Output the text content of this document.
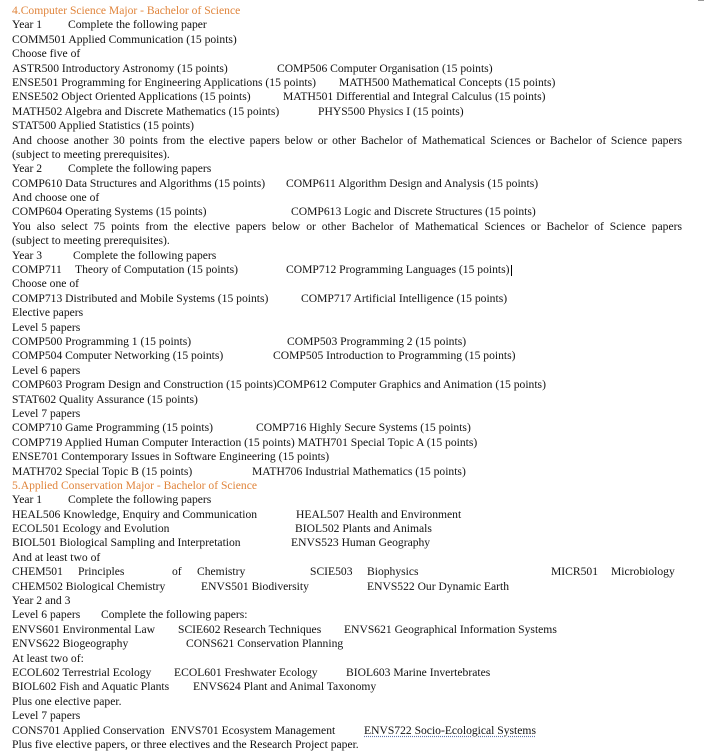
4.Computer Science Major - Bachelor of Science
Year 1 Complete the following paper
COMM501 Applied Communication (15 points)
Choose five of
ASTR500 Introductory Astronomy (15 points)	COMP506 Computer Organisation (15 points)
ENSE501 Programming for Engineering Applications (15 points) MATH500 Mathematical Concepts (15 points)
ENSE502 Object Oriented Applications (15 points)	MATH501 Differential and Integral Calculus (15 points)
MATH502 Algebra and Discrete Mathematics (15 points)	PHYS500 Physics I (15 points)
STAT500 Applied Statistics (15 points)
And choose another 30 points from the elective papers below or other Bachelor of Mathematical Sciences or Bachelor of Science papers
(subject to meeting prerequisites).
Year 2 Complete the following papers
COMP610 Data Structures and Algorithms (15 points) COMP611 Algorithm Design and Analysis (15 points)
And choose one of
COMP604 Operating Systems (15 points)	COMP613 Logic and Discrete Structures (15 points)
You also select 75 points from the elective papers below or other Bachelor of Mathematical Sciences or Bachelor of Science papers
(subject to meeting prerequisites).
Year 3	Complete the following papers
COMP711 Theory of Computation (15 points)	COMP712 Programming Languages (15 points)
Choose one of
COMP713 Distributed and Mobile Systems (15 points)	COMP717 Artificial Intelligence (15 points)
Elective papers
Level 5 papers
COMP500 Programming 1 (15 points)	COMP503 Programming 2 (15 points)
COMP504 Computer Networking (15 points)	COMP505 Introduction to Programming (15 points)
Level 6 papers
COMP603 Program Design and Construction (15 points)COMP612 Computer Graphics and Animation (15 points)
STAT602 Quality Assurance (15 points)
Level 7 papers
COMP710 Game Programming (15 points)	COMP716 Highly Secure Systems (15 points)
COMP719 Applied Human Computer Interaction (15 points) MATH701 Special Topic A (15 points)
ENSE701 Contemporary Issues in Software Engineering (15 points)
MATH702 Special Topic B (15 points)	MATH706 Industrial Mathematics (15 points)
5.Applied Conservation Major - Bachelor of Science
Year 1 Complete the following papers
HEAL506 Knowledge, Enquiry and Communication	HEAL507 Health and Environment
ECOL501 Ecology and Evolution	BIOL502 Plants and Animals
BIOL501 Biological Sampling and Interpretation	ENVS523 Human Geography
And at least two of
CHEM501 Principles	of Chemistry	SCIE503 Biophysics	MICR501 Microbiology
CHEM502 Biological Chemistry	ENVS501 Biodiversity	ENVS522 Our Dynamic Earth
Year 2 and 3
Level 6 papers Complete the following papers:
ENVS601 Environmental Law SCIE602 Research Techniques ENVS621 Geographical Information Systems
ENVS622 Biogeography	CONS621 Conservation Planning
At least two of:
ECOL602 Terrestrial Ecology ECOL601 Freshwater Ecology BIOL603 Marine Invertebrates
BIOL602 Fish and Aquatic Plants ENVS624 Plant and Animal Taxonomy
Plus one elective paper.
Level 7 papers
CONS701 Applied Conservation ENVS701 Ecosystem Management ENVS722 Socio-Ecological Systems
Plus five elective papers, or three electives and the Research Project paper.
